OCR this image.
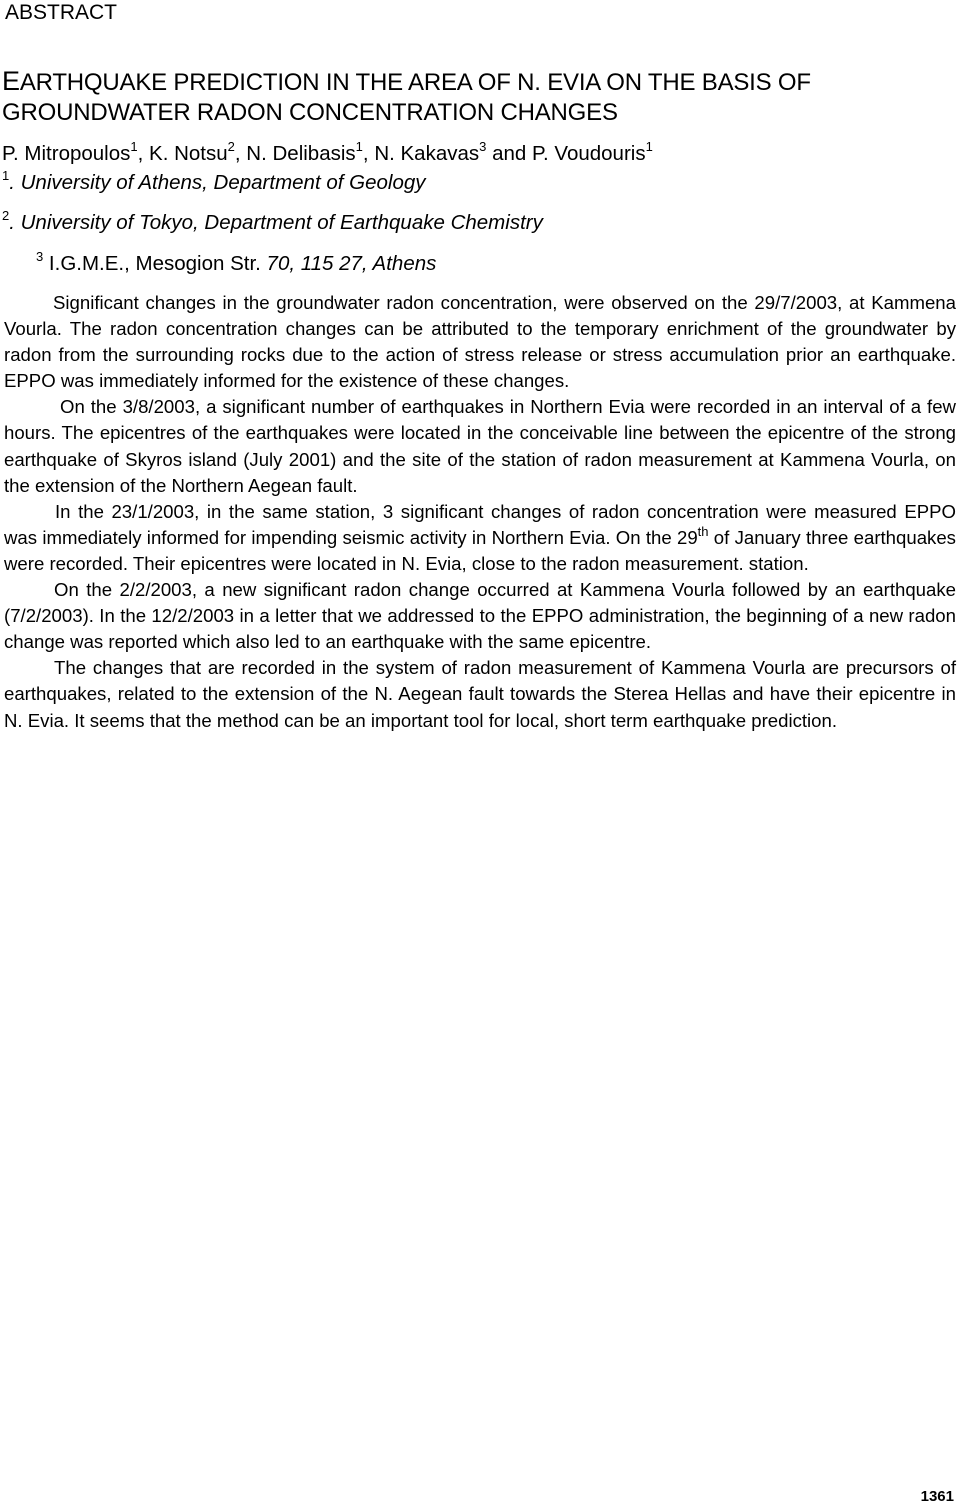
ABSTRACT
EARTHQUAKE PREDICTION IN THE AREA OF N. EVIA ON THE BASIS OF GROUNDWATER RADON CONCENTRATION CHANGES
P. Mitropoulos$^1$, K. Notsu$^2$, N. Delibasis$^1$, N. Kakavas$^3$ and P. Voudouris$^1$
$^1$. University of Athens, Department of Geology
$^2$. University of Tokyo, Department of Earthquake Chemistry
$^3$ I.G.M.E., Mesogion Str. 70, 115 27, Athens

Significant changes in the groundwater radon concentration, were observed on the 29/7/2003, at Kammena Vourla. The radon concentration changes can be attributed to the temporary enrichment of the groundwater by radon from the surrounding rocks due to the action of stress release or stress accumulation prior an earthquake. EPPO was immediately informed for the existence of these changes.

On the 3/8/2003, a significant number of earthquakes in Northern Evia were recorded in an interval of a few hours. The epicentres of the earthquakes were located in the conceivable line between the epicentre of the strong earthquake of Skyros island (July 2001) and the site of the station of radon measurement at Kammena Vourla, on the extension of the Northern Aegean fault.

In the 23/1/2003, in the same station, 3 significant changes of radon concentration were measured EPPO was immediately informed for impending seismic activity in Northern Evia. On the 29th of January three earthquakes were recorded. Their epicentres were located in N. Evia, close to the radon measurement. station.

On the 2/2/2003, a new significant radon change occurred at Kammena Vourla followed by an earthquake (7/2/2003). In the 12/2/2003 in a letter that we addressed to the EPPO administration, the beginning of a new radon change was reported which also led to an earthquake with the same epicentre.

The changes that are recorded in the system of radon measurement of Kammena Vourla are precursors of earthquakes, related to the extension of the N. Aegean fault towards the Sterea Hellas and have their epicentre in N. Evia. It seems that the method can be an important tool for local, short term earthquake prediction.

1361
